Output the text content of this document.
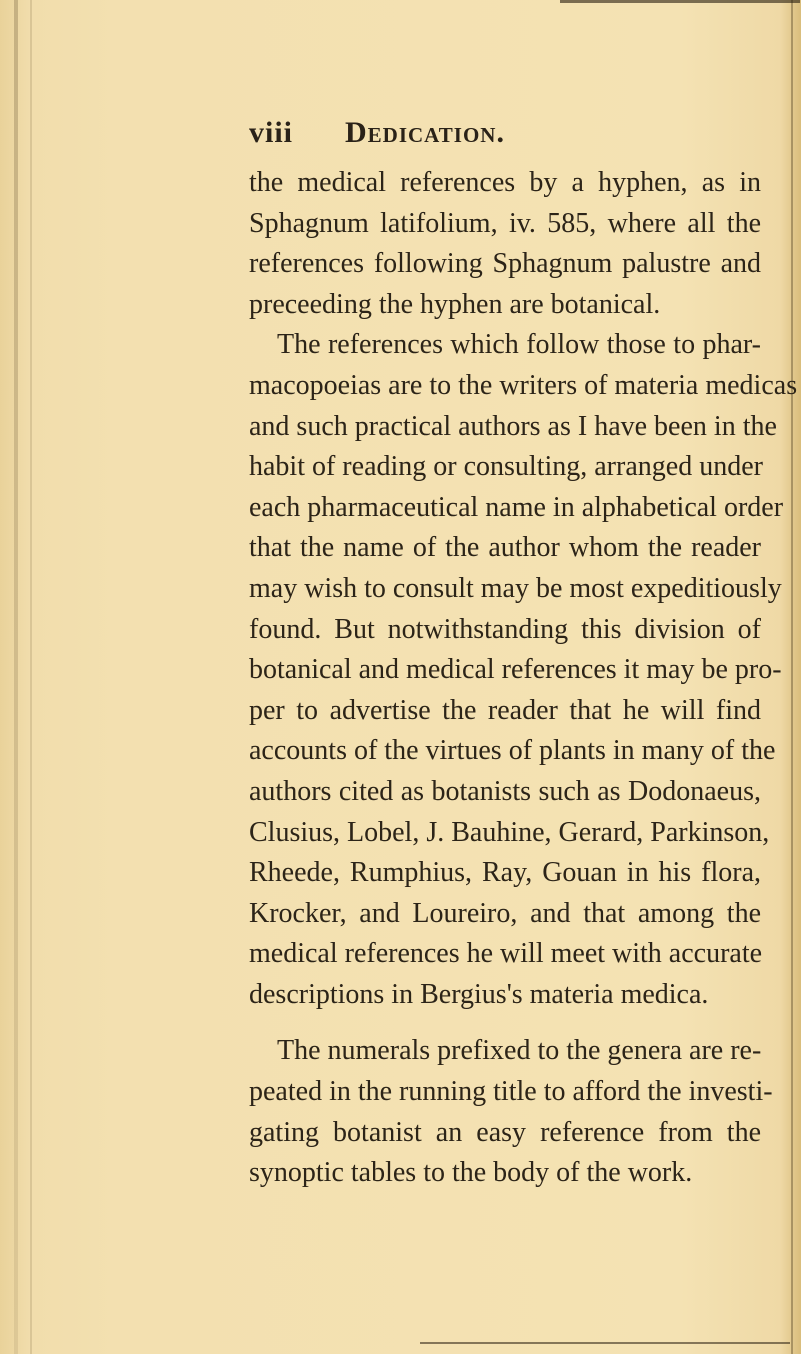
viii Dedication.

the medical references by a hyphen, as in
Sphagnum latifolium, iv. 585, where all the
references following Sphagnum palustre and
preceeding the hyphen are botanical.

The references which follow those to phar-
macopoeias are to the writers of materia medicas
and such practical authors as I have been in the
habit of reading or consulting, arranged under
each pharmaceutical name in alphabetical order
that the name of the author whom the reader
may wish to consult may be most expeditiously
found. But notwithstanding this division of
botanical and medical references it may be pro-
per to advertise the reader that he will find
accounts of the virtues of plants in many of the
authors cited as botanists such as Dodonaeus,
Clusius, Lobel, J. Bauhine, Gerard, Parkinson,
Rheede, Rumphius, Ray, Gouan in his flora,
Krocker, and Loureiro, and that among the
medical references he will meet with accurate
descriptions in Bergius's materia medica.

The numerals prefixed to the genera are re-
peated in the running title to afford the investi-
gating botanist an easy reference from the
synoptic tables to the body of the work.
